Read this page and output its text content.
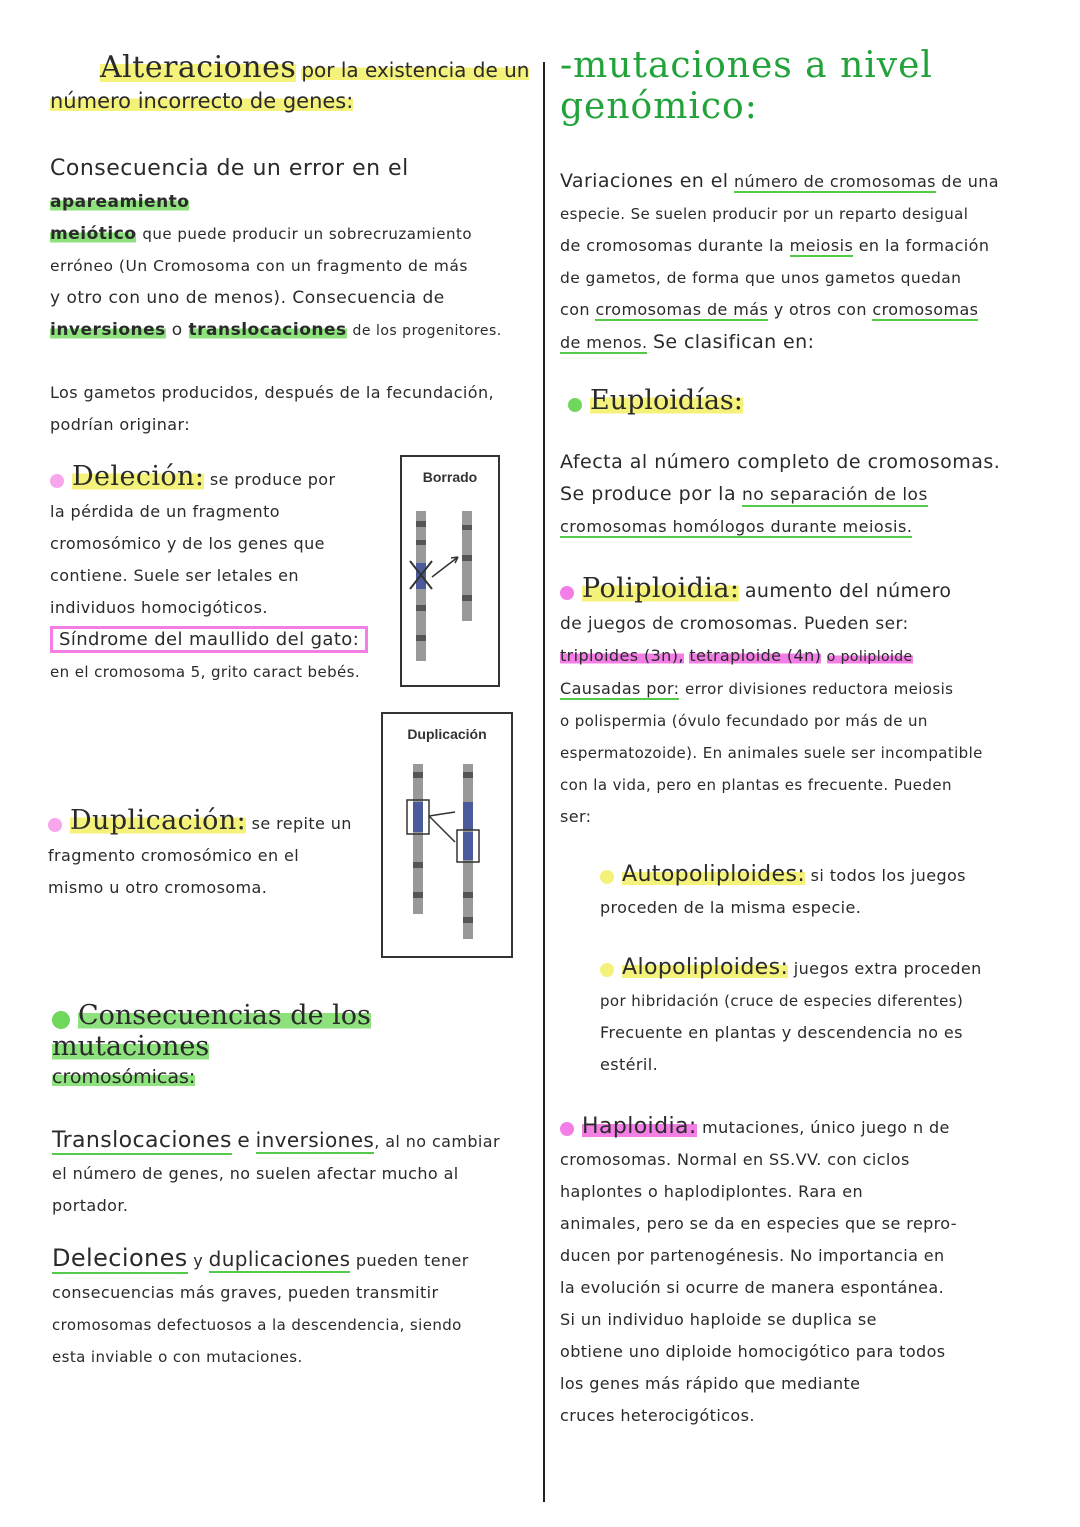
Alteraciones por la existencia de un
número incorrecto de genes:

Consecuencia de un error en el apareamiento

meiótico que puede producir un sobrecruzamiento

erróneo (Un Cromosoma con un fragmento de más

y otro con uno de menos). Consecuencia de

inversiones o translocaciones de los progenitores.

Los gametos producidos, después de la fecundación,

podrían originar:

Deleción: se produce por

la pérdida de un fragmento

cromosómico y de los genes que

contiene. Suele ser letales en

individuos homocigóticos.

Síndrome del maullido del gato:

en el cromosoma 5, grito caract bebés.

Borrado
Duplicación

Duplicación: se repite un

fragmento cromosómico en el

mismo u otro cromosoma.

Consecuencias de los mutaciones

cromosómicas:

Translocaciones e inversiones, al no cambiar

el número de genes, no suelen afectar mucho al

portador.

Deleciones y duplicaciones pueden tener

consecuencias más graves, pueden transmitir

cromosomas defectuosos a la descendencia, siendo

esta inviable o con mutaciones.

-mutaciones a nivel genómico:

Variaciones en el número de cromosomas de una

especie. Se suelen producir por un reparto desigual

de cromosomas durante la meiosis en la formación

de gametos, de forma que unos gametos quedan

con cromosomas de más y otros con cromosomas

de menos. Se clasifican en:

Euploidías:

Afecta al número completo de cromosomas.

Se produce por la no separación de los

cromosomas homólogos durante meiosis.

Poliploidia: aumento del número

de juegos de cromosomas. Pueden ser:

triploides (3n), tetraploide (4n) o poliploide

Causadas por: error divisiones reductora meiosis

o polispermia (óvulo fecundado por más de un

espermatozoide). En animales suele ser incompatible

con la vida, pero en plantas es frecuente. Pueden

ser:

Autopoliploides: si todos los juegos

proceden de la misma especie.

Alopoliploides: juegos extra proceden

por hibridación (cruce de especies diferentes)

Frecuente en plantas y descendencia no es

estéril.

Haploidia: mutaciones, único juego n de

cromosomas. Normal en SS.VV. con ciclos

haplontes o haplodiplontes. Rara en

animales, pero se da en especies que se repro-

ducen por partenogénesis. No importancia en

la evolución si ocurre de manera espontánea.

Si un individuo haploide se duplica se

obtiene uno diploide homocigótico para todos

los genes más rápido que mediante

cruces heterocigóticos.
